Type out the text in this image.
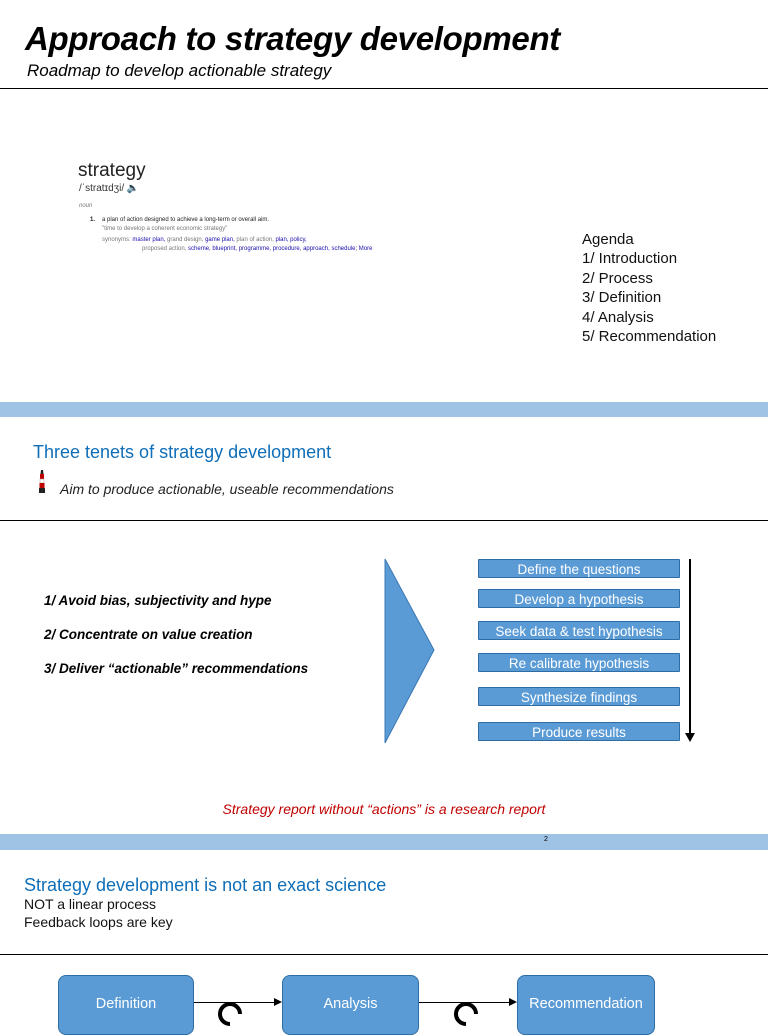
Approach to strategy development
Roadmap to develop actionable strategy
strategy
/ˈstratɪdʒi/ 🔈
noun
1. a plan of action designed to achieve a long-term or overall aim.
"time to develop a coherent economic strategy"
synonyms: master plan, grand design, game plan, plan of action, plan, policy,
proposed action, scheme, blueprint, programme, procedure, approach, schedule; More
Agenda
1/ Introduction
2/ Process
3/ Definition
4/ Analysis
5/ Recommendation
Three tenets of strategy development
Aim to produce actionable, useable recommendations
1/ Avoid bias, subjectivity and hype
2/ Concentrate on value creation
3/ Deliver “actionable” recommendations
Define the questions
Develop a hypothesis
Seek data & test hypothesis
Re calibrate hypothesis
Synthesize findings
Produce results
Strategy report without “actions” is a research report
2
Strategy development is not an exact science
NOT a linear process
Feedback loops are key
Definition	Analysis	Recommendation
